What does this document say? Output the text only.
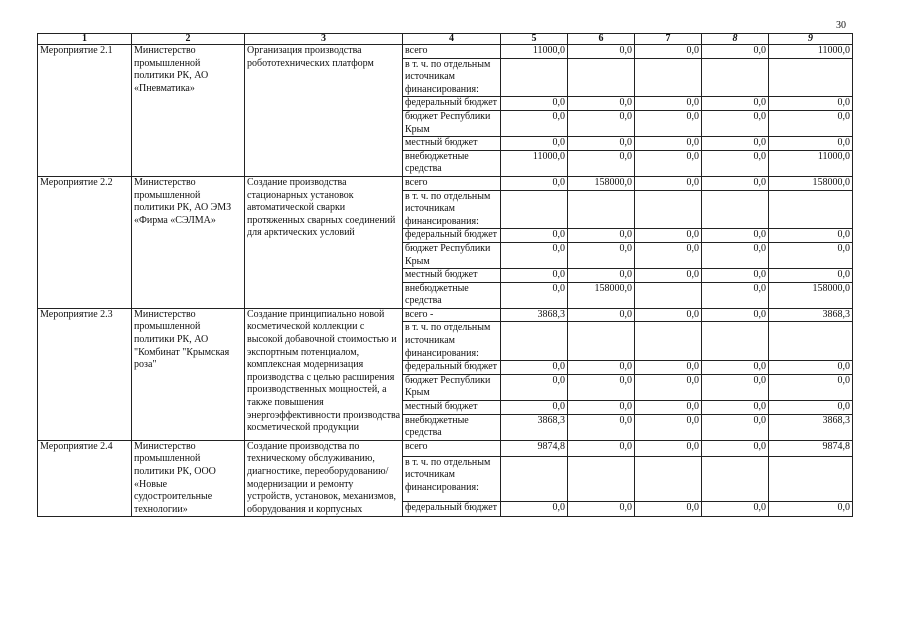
30
1	2	3	4	5	6	7	8	9
Мероприятие 2.1	Министерство промышленной политики РК, АО «Пневматика»	Организация производства робототехнических платформ	всего	11000,0	0,0	0,0	0,0	11000,0
			в т. ч. по отдельным источникам финансирования:					
			федеральный бюджет	0,0	0,0	0,0	0,0	0,0
			бюджет Республики Крым	0,0	0,0	0,0	0,0	0,0
			местный бюджет	0,0	0,0	0,0	0,0	0,0
			внебюджетные средства	11000,0	0,0	0,0	0,0	11000,0
Мероприятие 2.2	Министерство промышленной политики РК, АО ЭМЗ «Фирма «СЭЛМА»	Создание производства стационарных установок автоматической сварки протяженных сварных соединений для арктических условий	всего	0,0	158000,0	0,0	0,0	158000,0
			в т. ч. по отдельным источникам финансирования:					
			федеральный бюджет	0,0	0,0	0,0	0,0	0,0
			бюджет Республики Крым	0,0	0,0	0,0	0,0	0,0
			местный бюджет	0,0	0,0	0,0	0,0	0,0
			внебюджетные средства	0,0	158000,0		0,0	158000,0
Мероприятие 2.3	Министерство промышленной политики РК, АО "Комбинат "Крымская роза"	Создание принципиально новой косметической коллекции с высокой добавочной стоимостью и экспортным потенциалом, комплексная модернизация производства с целью расширения производственных мощностей, а также повышения энергоэффективности производства косметической продукции	всего -	3868,3	0,0	0,0	0,0	3868,3
			в т. ч. по отдельным источникам финансирования:					
			федеральный бюджет	0,0	0,0	0,0	0,0	0,0
			бюджет Республики Крым	0,0	0,0	0,0	0,0	0,0
			местный бюджет	0,0	0,0	0,0	0,0	0,0
			внебюджетные средства	3868,3	0,0	0,0	0,0	3868,3
Мероприятие 2.4	Министерство промышленной политики РК, ООО «Новые судостроительные технологии»	Создание производства по техническому обслуживанию, диагностике, переоборудованию/модернизации и ремонту устройств, установок, механизмов, оборудования и корпусных	всего	9874,8	0,0	0,0	0,0	9874,8
			в т. ч. по отдельным источникам финансирования:					
			федеральный бюджет	0,0	0,0	0,0	0,0	0,0
